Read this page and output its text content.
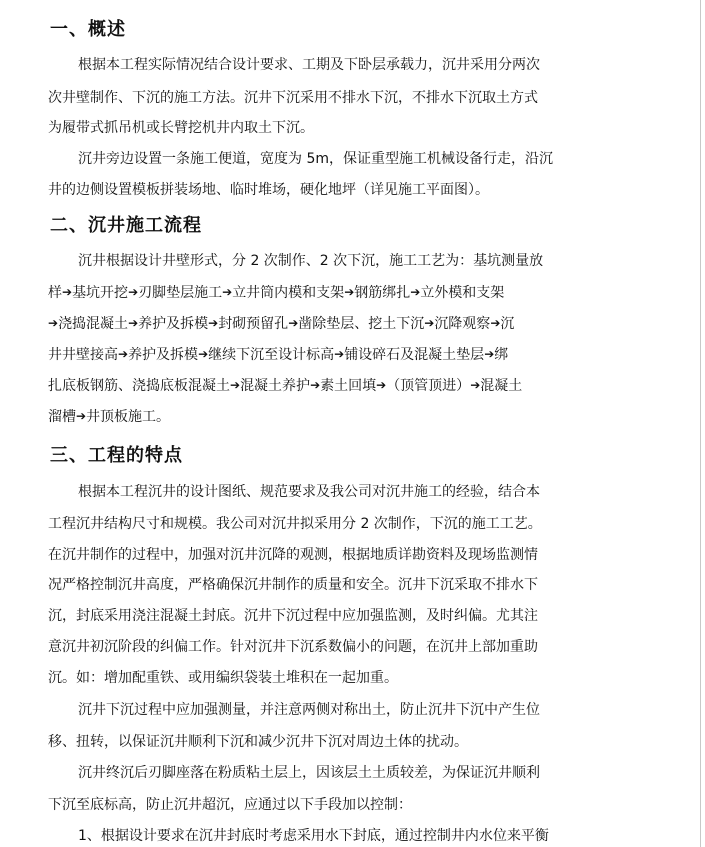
一、概述

根据本工程实际情况结合设计要求、工期及下卧层承载力，沉井采用分两次

次井壁制作、下沉的施工方法。沉井下沉采用不排水下沉，不排水下沉取土方式

为履带式抓吊机或长臂挖机井内取土下沉。

沉井旁边设置一条施工便道，宽度为 5m，保证重型施工机械设备行走，沿沉

井的边侧设置模板拼装场地、临时堆场，硬化地坪（详见施工平面图）。

二、沉井施工流程

沉井根据设计井壁形式，分 2 次制作、2 次下沉，施工工艺为：基坑测量放

样➔基坑开挖➔刃脚垫层施工➔立井筒内模和支架➔钢筋绑扎➔立外模和支架

➔浇捣混凝土➔养护及拆模➔封砌预留孔➔凿除垫层、挖土下沉➔沉降观察➔沉

井井壁接高➔养护及拆模➔继续下沉至设计标高➔铺设碎石及混凝土垫层➔绑

扎底板钢筋、浇捣底板混凝土➔混凝土养护➔素土回填➔（顶管顶进）➔混凝土

溜槽➔井顶板施工。

三、工程的特点

根据本工程沉井的设计图纸、规范要求及我公司对沉井施工的经验，结合本

工程沉井结构尺寸和规模。我公司对沉井拟采用分 2 次制作，下沉的施工工艺。

在沉井制作的过程中，加强对沉井沉降的观测，根据地质详勘资料及现场监测情

况严格控制沉井高度，严格确保沉井制作的质量和安全。沉井下沉采取不排水下

沉，封底采用浇注混凝土封底。沉井下沉过程中应加强监测，及时纠偏。尤其注

意沉井初沉阶段的纠偏工作。针对沉井下沉系数偏小的问题，在沉井上部加重助

沉。如：增加配重铁、或用编织袋装土堆积在一起加重。

沉井下沉过程中应加强测量，并注意两侧对称出土，防止沉井下沉中产生位

移、扭转，以保证沉井顺利下沉和减少沉井下沉对周边土体的扰动。

沉井终沉后刃脚座落在粉质粘土层上，因该层土土质较差，为保证沉井顺利

下沉至底标高，防止沉井超沉，应通过以下手段加以控制：

1、根据设计要求在沉井封底时考虑采用水下封底，通过控制井内水位来平衡
